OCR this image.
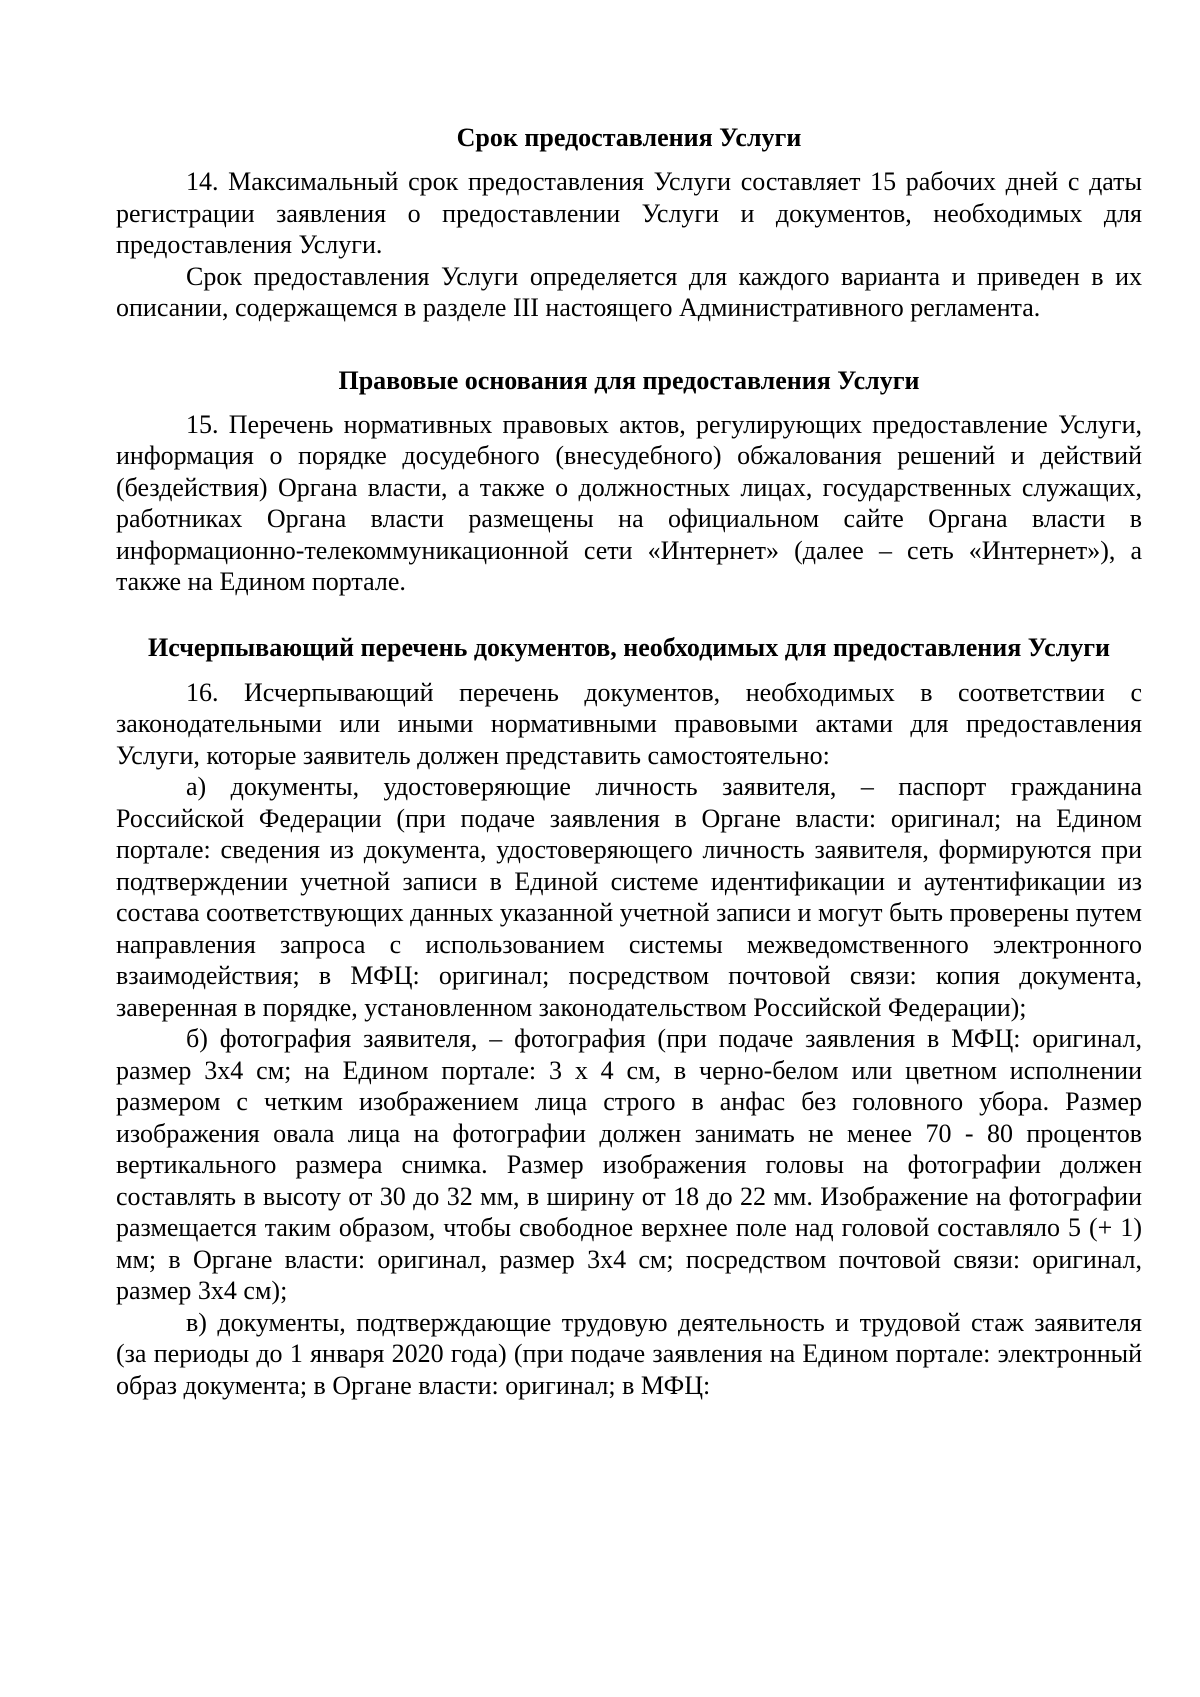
Срок предоставления Услуги

14. Максимальный срок предоставления Услуги составляет 15 рабочих дней с даты регистрации заявления о предоставлении Услуги и документов, необходимых для предоставления Услуги.

Срок предоставления Услуги определяется для каждого варианта и приведен в их описании, содержащемся в разделе III настоящего Административного регламента.

Правовые основания для предоставления Услуги

15. Перечень нормативных правовых актов, регулирующих предоставление Услуги, информация о порядке досудебного (внесудебного) обжалования решений и действий (бездействия) Органа власти, а также о должностных лицах, государственных служащих, работниках Органа власти размещены на официальном сайте Органа власти в информационно-телекоммуникационной сети «Интернет» (далее – сеть «Интернет»), а также на Едином портале.

Исчерпывающий перечень документов, необходимых для предоставления Услуги

16. Исчерпывающий перечень документов, необходимых в соответствии с законодательными или иными нормативными правовыми актами для предоставления Услуги, которые заявитель должен представить самостоятельно:

а) документы, удостоверяющие личность заявителя, – паспорт гражданина Российской Федерации (при подаче заявления в Органе власти: оригинал; на Едином портале: сведения из документа, удостоверяющего личность заявителя, формируются при подтверждении учетной записи в Единой системе идентификации и аутентификации из состава соответствующих данных указанной учетной записи и могут быть проверены путем направления запроса с использованием системы межведомственного электронного взаимодействия; в МФЦ: оригинал; посредством почтовой связи: копия документа, заверенная в порядке, установленном законодательством Российской Федерации);

б) фотография заявителя, – фотография (при подаче заявления в МФЦ: оригинал, размер 3х4 см; на Едином портале: 3 х 4 см, в черно-белом или цветном исполнении размером с четким изображением лица строго в анфас без головного убора. Размер изображения овала лица на фотографии должен занимать не менее 70 - 80 процентов вертикального размера снимка. Размер изображения головы на фотографии должен составлять в высоту от 30 до 32 мм, в ширину от 18 до 22 мм. Изображение на фотографии размещается таким образом, чтобы свободное верхнее поле над головой составляло 5 (+ 1) мм; в Органе власти: оригинал, размер 3х4 см; посредством почтовой связи: оригинал, размер 3х4 см);

в) документы, подтверждающие трудовую деятельность и трудовой стаж заявителя (за периоды до 1 января 2020 года) (при подаче заявления на Едином портале: электронный образ документа; в Органе власти: оригинал; в МФЦ:
